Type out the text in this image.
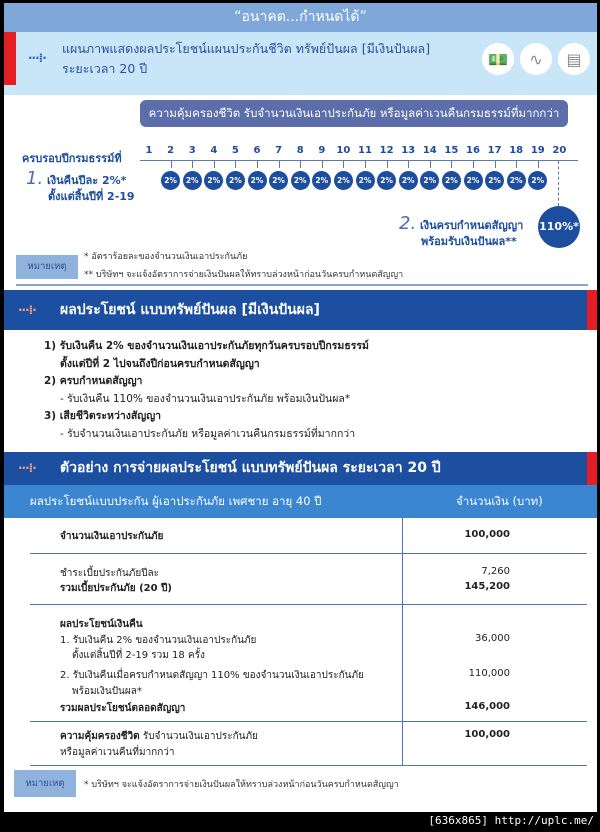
“อนาคต...กำหนดได้”
···⁞·
แผนภาพแสดงผลประโยชน์แผนประกันชีวิต ทรัพย์ปันผล [มีเงินปันผล]
ระยะเวลา 20 ปี	💵	∿	▤
ความคุ้มครองชีวิต รับจำนวนเงินเอาประกันภัย หรือมูลค่าเวนคืนกรมธรรม์ที่มากกว่า
ครบรอบปีกรมธรรม์ที่
110%*
1. เงินคืนปีละ 2%*
ตั้งแต่สิ้นปีที่ 2-19
2. เงินครบกำหนดสัญญา
พร้อมรับเงินปันผล**
หมายเหตุ
* อัตราร้อยละของจำนวนเงินเอาประกันภัย
** บริษัทฯ จะแจ้งอัตราการจ่ายเงินปันผลให้ทราบล่วงหน้าก่อนวันครบกำหนดสัญญา
ผลประโยชน์ แบบทรัพย์ปันผล [มีเงินปันผล]
···⁞·
1) รับเงินคืน 2% ของจำนวนเงินเอาประกันภัยทุกวันครบรอบปีกรมธรรม์
ตั้งแต่ปีที่ 2 ไปจนถึงปีก่อนครบกำหนดสัญญา
2) ครบกำหนดสัญญา
- รับเงินคืน 110% ของจำนวนเงินเอาประกันภัย พร้อมเงินปันผล*
3) เสียชีวิตระหว่างสัญญา
- รับจำนวนเงินเอาประกันภัย หรือมูลค่าเวนคืนกรมธรรม์ที่มากกว่า
ตัวอย่าง การจ่ายผลประโยชน์ แบบทรัพย์ปันผล ระยะเวลา 20 ปี
···⁞·
ผลประโยชน์แบบประกัน ผู้เอาประกันภัย เพศชาย อายุ 40 ปี	จำนวนเงิน (บาท)
จำนวนเงินเอาประกันภัย	100,000
ชำระเบี้ยประกันภัยปีละ	7,260
รวมเบี้ยประกันภัย (20 ปี)	145,200
ผลประโยชน์เงินคืน
1. รับเงินคืน 2% ของจำนวนเงินเอาประกันภัย	36,000
ตั้งแต่สิ้นปีที่ 2-19 รวม 18 ครั้ง
2. รับเงินคืนเมื่อครบกำหนดสัญญา 110% ของจำนวนเงินเอาประกันภัย	110,000
พร้อมเงินปันผล*
รวมผลประโยชน์ตลอดสัญญา	146,000
ความคุ้มครองชีวิต รับจำนวนเงินเอาประกันภัย	100,000
หรือมูลค่าเวนคืนที่มากกว่า
หมายเหตุ	* บริษัทฯ จะแจ้งอัตราการจ่ายเงินปันผลให้ทราบล่วงหน้าก่อนวันครบกำหนดสัญญา
1	2
2%
3
2%
4
2%
5
2%
6
2%
7
2%
8
2%
9
2%
10
2%
11
2%
12
2%
13
2%
14
2%
15
2%
16
2%
17
2%
18
2%
19
2%
20
[636x865] http://uplc.me/
